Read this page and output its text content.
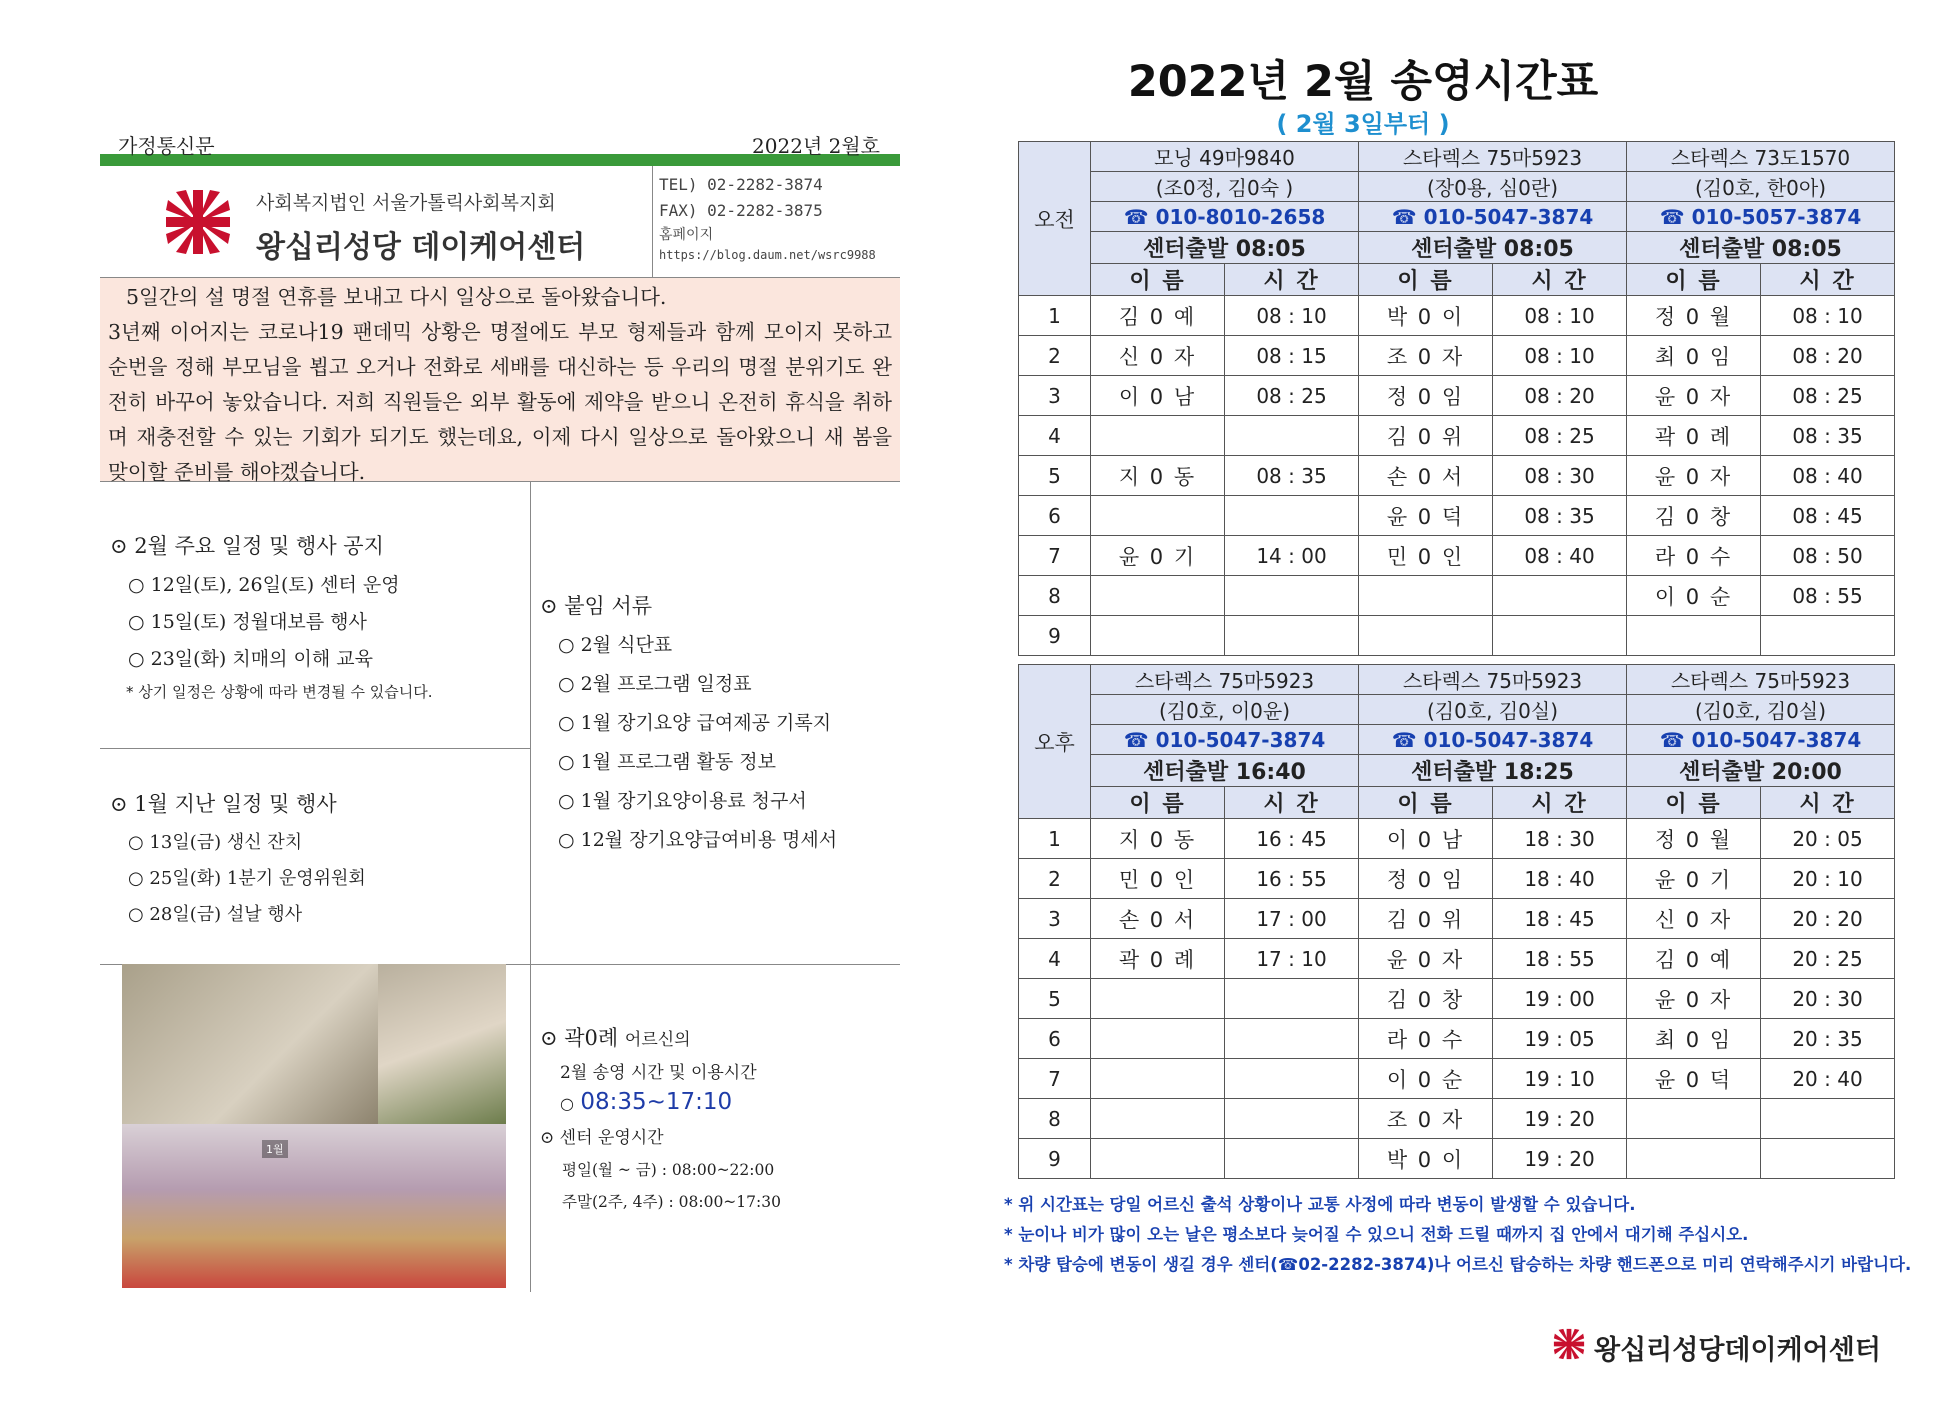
가정통신문	2022년 2월호
사회복지법인 서울가톨릭사회복지회
왕십리성당 데이케어센터
TEL) 02-2282-3874
FAX) 02-2282-3875
홈페이지
https://blog.daum.net/wsrc9988

5일간의 설 명절 연휴를 보내고 다시 일상으로 돌아왔습니다.

3년째 이어지는 코로나19 팬데믹 상황은 명절에도 부모 형제들과 함께 모이지 못하고 순번을 정해 부모님을 뵙고 오거나 전화로 세배를 대신하는 등 우리의 명절 분위기도 완전히 바꾸어 놓았습니다. 저희 직원들은 외부 활동에 제약을 받으니 온전히 휴식을 취하며 재충전할 수 있는 기회가 되기도 했는데요, 이제 다시 일상으로 돌아왔으니 새 봄을 맞이할 준비를 해야겠습니다.
⊙ 2월 주요 일정 및 행사 공지
○ 12일(토), 26일(토) 센터 운영
○ 15일(토) 정월대보름 행사
○ 23일(화) 치매의 이해 교육
* 상기 일정은 상황에 따라 변경될 수 있습니다.
⊙ 붙임 서류
○ 2월 식단표
○ 2월 프로그램 일정표
○ 1월 장기요양 급여제공 기록지
○ 1월 프로그램 활동 정보
○ 1월 장기요양이용료 청구서
○ 12월 장기요양급여비용 명세서
⊙ 1월 지난 일정 및 행사
○ 13일(금) 생신 잔치
○ 25일(화) 1분기 운영위원회
○ 28일(금) 설날 행사
1월
⊙ 곽0례 어르신의
2월 송영 시간 및 이용시간
○ 08:35~17:10
⊙ 센터 운영시간
평일(월 ~ 금) : 08:00~22:00
주말(2주, 4주) : 08:00~17:30
2022년 2월 송영시간표
( 2월 3일부터 )
오전	모닝 49마9840		스타렉스 75마5923		스타렉스 73도1570	
	(조0정, 김0숙 )		(장0용, 심0란)		(김0호, 한0아)	
	☎ 010-8010-2658		☎ 010-5047-3874		☎ 010-5057-3874	
	센터출발 08:05		센터출발 08:05		센터출발 08:05	
	이 름	시 간	이 름	시 간	이 름	시 간
1	김 0 예	08 : 10	박 0 이	08 : 10	정 0 월	08 : 10
2	신 0 자	08 : 15	조 0 자	08 : 10	최 0 임	08 : 20
3	이 0 남	08 : 25	정 0 임	08 : 20	윤 0 자	08 : 25
4			김 0 위	08 : 25	곽 0 례	08 : 35
5	지 0 동	08 : 35	손 0 서	08 : 30	윤 0 자	08 : 40
6			윤 0 덕	08 : 35	김 0 창	08 : 45
7	윤 0 기	14 : 00	민 0 인	08 : 40	라 0 수	08 : 50
8					이 0 순	08 : 55
9						
오후	스타렉스 75마5923		스타렉스 75마5923		스타렉스 75마5923	
	(김0호, 이0윤)		(김0호, 김0실)		(김0호, 김0실)	
	☎ 010-5047-3874		☎ 010-5047-3874		☎ 010-5047-3874	
	센터출발 16:40		센터출발 18:25		센터출발 20:00	
	이 름	시 간	이 름	시 간	이 름	시 간
1	지 0 동	16 : 45	이 0 남	18 : 30	정 0 월	20 : 05
2	민 0 인	16 : 55	정 0 임	18 : 40	윤 0 기	20 : 10
3	손 0 서	17 : 00	김 0 위	18 : 45	신 0 자	20 : 20
4	곽 0 례	17 : 10	윤 0 자	18 : 55	김 0 예	20 : 25
5			김 0 창	19 : 00	윤 0 자	20 : 30
6			라 0 수	19 : 05	최 0 임	20 : 35
7			이 0 순	19 : 10	윤 0 덕	20 : 40
8			조 0 자	19 : 20		
9			박 0 이	19 : 20		
* 위 시간표는 당일 어르신 출석 상황이나 교통 사정에 따라 변동이 발생할 수 있습니다.
* 눈이나 비가 많이 오는 날은 평소보다 늦어질 수 있으니 전화 드릴 때까지 집 안에서 대기해 주십시오.
* 차량 탑승에 변동이 생길 경우 센터(☎02-2282-3874)나 어르신 탑승하는 차량 핸드폰으로 미리 연락해주시기 바랍니다.
왕십리성당데이케어센터
